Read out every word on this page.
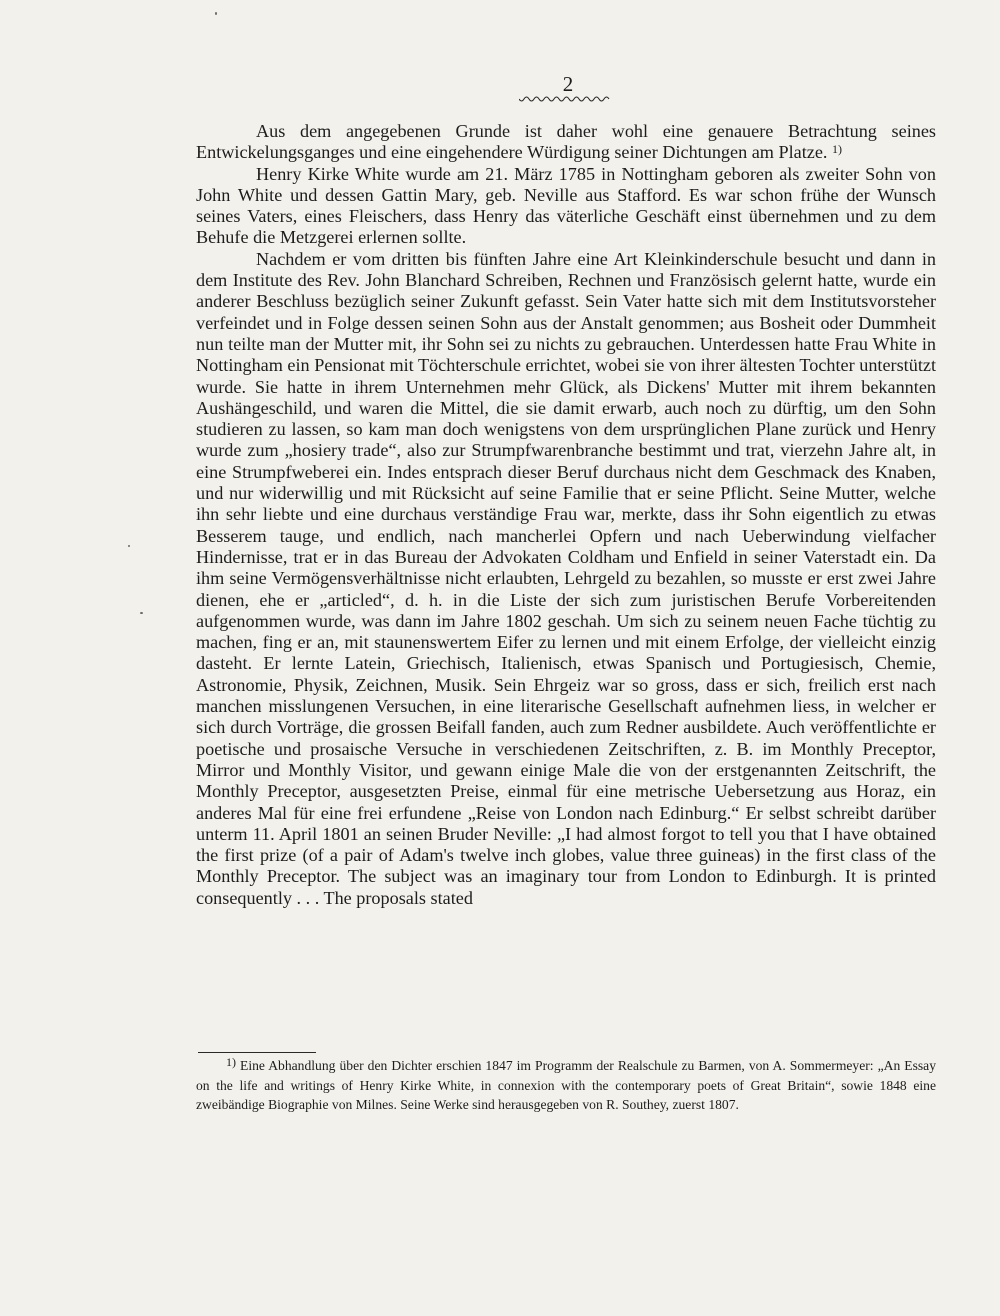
2

Aus dem angegebenen Grunde ist daher wohl eine genauere Betrachtung seines Entwickelungsganges und eine eingehendere Würdigung seiner Dichtungen am Platze. $^{1)}$

Henry Kirke White wurde am 21. März 1785 in Nottingham geboren als zweiter Sohn von John White und dessen Gattin Mary, geb. Neville aus Stafford. Es war schon frühe der Wunsch seines Vaters, eines Fleischers, dass Henry das väterliche Geschäft einst übernehmen und zu dem Behufe die Metzgerei erlernen sollte.

Nachdem er vom dritten bis fünften Jahre eine Art Kleinkinderschule besucht und dann in dem Institute des Rev. John Blanchard Schreiben, Rechnen und Französisch gelernt hatte, wurde ein anderer Beschluss bezüglich seiner Zukunft gefasst. Sein Vater hatte sich mit dem Institutsvorsteher verfeindet und in Folge dessen seinen Sohn aus der Anstalt genommen; aus Bosheit oder Dummheit nun teilte man der Mutter mit, ihr Sohn sei zu nichts zu gebrauchen. Unterdessen hatte Frau White in Nottingham ein Pensionat mit Töchterschule errichtet, wobei sie von ihrer ältesten Tochter unterstützt wurde. Sie hatte in ihrem Unternehmen mehr Glück, als Dickens' Mutter mit ihrem bekannten Aushängeschild, und waren die Mittel, die sie damit erwarb, auch noch zu dürftig, um den Sohn studieren zu lassen, so kam man doch wenigstens von dem ursprünglichen Plane zurück und Henry wurde zum „hosiery trade“, also zur Strumpfwarenbranche bestimmt und trat, vierzehn Jahre alt, in eine Strumpfweberei ein. Indes entsprach dieser Beruf durchaus nicht dem Geschmack des Knaben, und nur widerwillig und mit Rücksicht auf seine Familie that er seine Pflicht. Seine Mutter, welche ihn sehr liebte und eine durchaus verständige Frau war, merkte, dass ihr Sohn eigentlich zu etwas Besserem tauge, und endlich, nach mancherlei Opfern und nach Ueberwindung vielfacher Hindernisse, trat er in das Bureau der Advokaten Coldham und Enfield in seiner Vaterstadt ein. Da ihm seine Vermögensverhältnisse nicht erlaubten, Lehrgeld zu bezahlen, so musste er erst zwei Jahre dienen, ehe er „articled“, d. h. in die Liste der sich zum juristischen Berufe Vorbereitenden aufgenommen wurde, was dann im Jahre 1802 geschah. Um sich zu seinem neuen Fache tüchtig zu machen, fing er an, mit staunenswertem Eifer zu lernen und mit einem Erfolge, der vielleicht einzig dasteht. Er lernte Latein, Griechisch, Italienisch, etwas Spanisch und Portugiesisch, Chemie, Astronomie, Physik, Zeichnen, Musik. Sein Ehrgeiz war so gross, dass er sich, freilich erst nach manchen misslungenen Versuchen, in eine literarische Gesellschaft aufnehmen liess, in welcher er sich durch Vorträge, die grossen Beifall fanden, auch zum Redner ausbildete. Auch veröffentlichte er poetische und prosaische Versuche in verschiedenen Zeitschriften, z. B. im Monthly Preceptor, Mirror und Monthly Visitor, und gewann einige Male die von der erstgenannten Zeitschrift, the Monthly Preceptor, ausgesetzten Preise, einmal für eine metrische Uebersetzung aus Horaz, ein anderes Mal für eine frei erfundene „Reise von London nach Edinburg.“ Er selbst schreibt darüber unterm 11. April 1801 an seinen Bruder Neville: „I had almost forgot to tell you that I have obtained the first prize (of a pair of Adam's twelve inch globes, value three guineas) in the first class of the Monthly Preceptor. The subject was an imaginary tour from London to Edinburgh. It is printed consequently . . . The proposals stated

1) Eine Abhandlung über den Dichter erschien 1847 im Programm der Realschule zu Barmen, von A. Sommermeyer: „An Essay on the life and writings of Henry Kirke White, in connexion with the contemporary poets of Great Britain“, sowie 1848 eine zweibändige Biographie von Milnes. Seine Werke sind herausgegeben von R. Southey, zuerst 1807.
